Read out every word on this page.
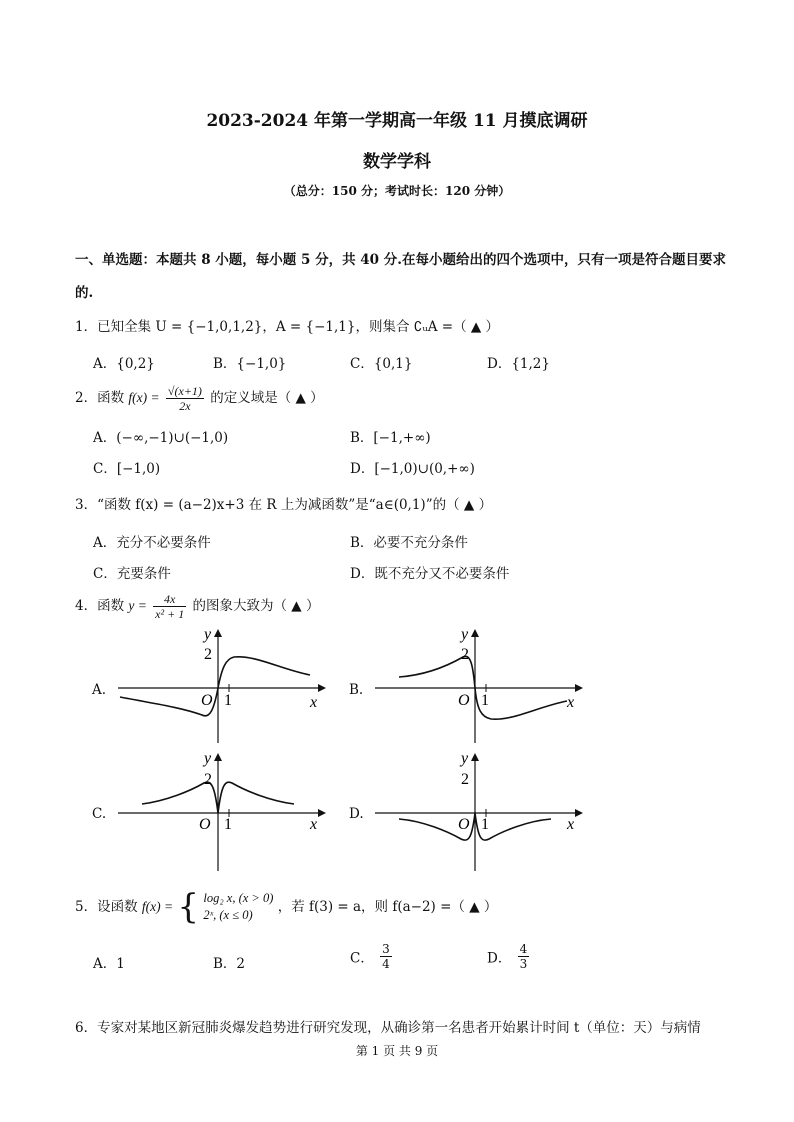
2023-2024 年第一学期高一年级 11 月摸底调研
数学学科
（总分：150 分；考试时长：120 分钟）
一、单选题：本题共 8 小题，每小题 5 分，共 40 分.在每小题给出的四个选项中，只有一项是符合题目要求
的.
1．已知全集 U = {−1,0,1,2}，A = {−1,1}，则集合 ∁ᵤA =（ ▲ ）
A．{0,2}	B．{−1,0}	C．{0,1}	D．{1,2}
2．函数 $f(x) = \frac{√(x+1)}{2x}$ 的定义域是（ ▲ ）
A．(−∞,−1)∪(−1,0)	B．[−1,+∞)
C．[−1,0)	D．[−1,0)∪(0,+∞)
3．“函数 f(x) = (a−2)x+3 在 R 上为减函数”是“a∈(0,1)”的（ ▲ ）
A．充分不必要条件	B．必要不充分条件
C．充要条件	D．既不充分又不必要条件
4．函数 $y = \frac{4x}{\text{x² + 1}}$ 的图象大致为（ ▲ ）
A.	B.
C.	D.
y
2
O 1	x
y
2
O 1	x
y
2
O 1	x
y
2
O 1	x
5．设函数 f(x) = { log₂ x, (x > 0)
2ˣ, (x ≤ 0)	，若 f(3) = a，则 f(a−2) =（ ▲ ）
A．1	B．2	C． $\frac{3}{4}$	D． $\frac{4}{3}$
6．专家对某地区新冠肺炎爆发趋势进行研究发现，从确诊第一名患者开始累计时间 t（单位：天）与病情
第 1 页 共 9 页
